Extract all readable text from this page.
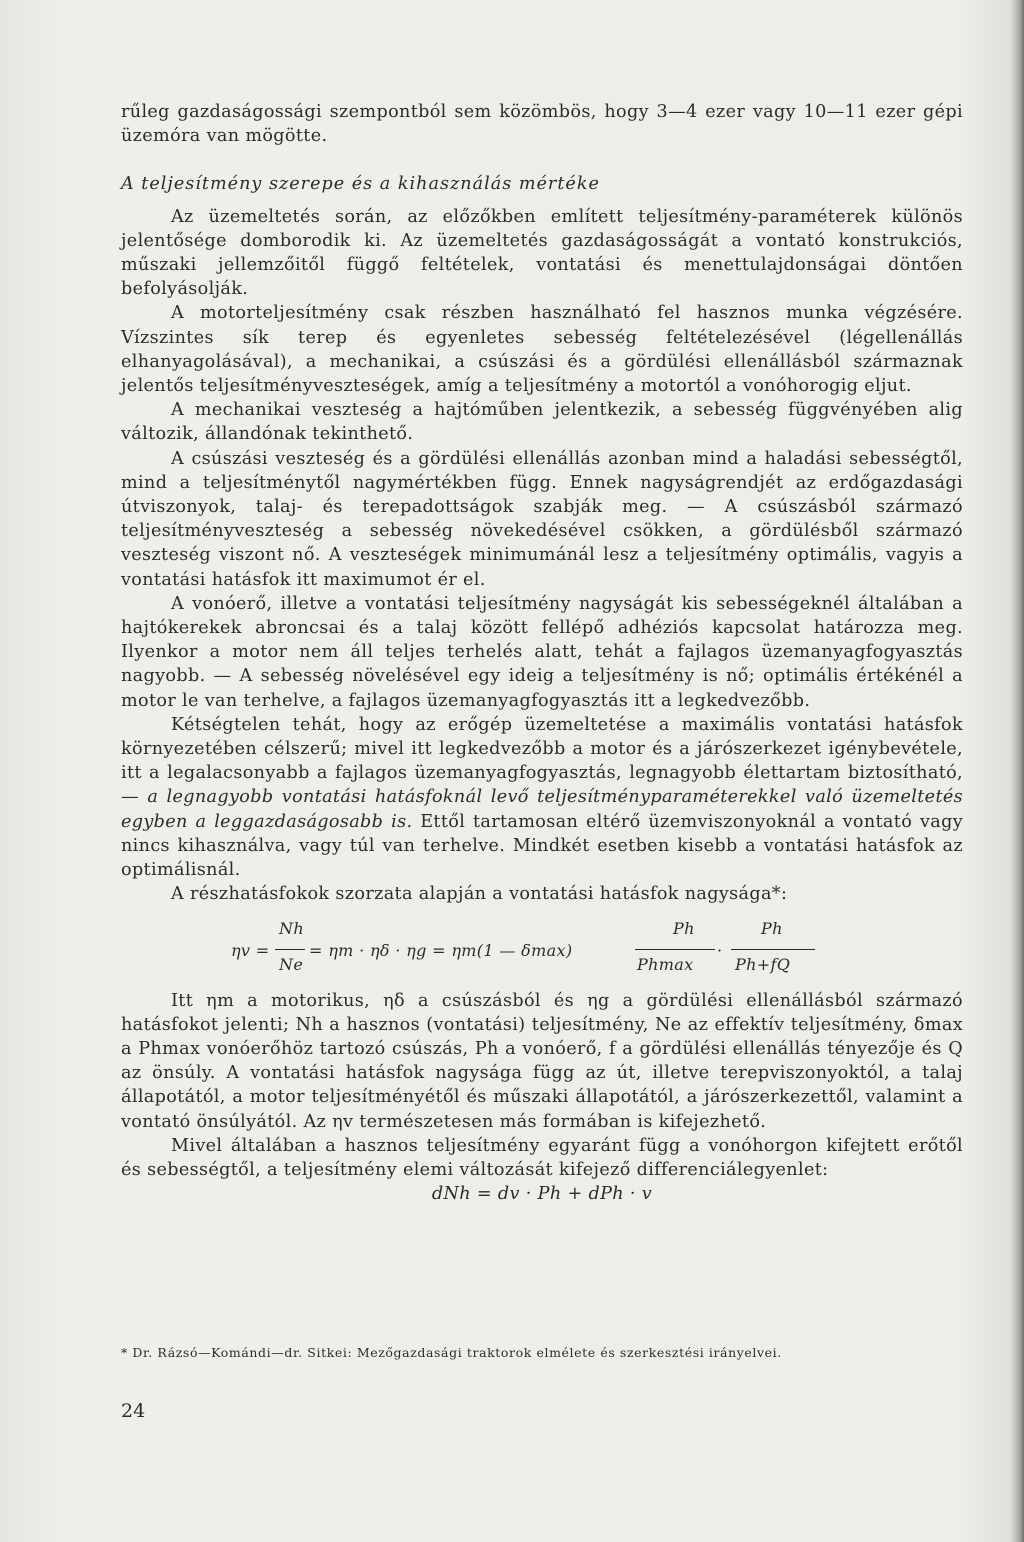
rűleg gazdaságossági szempontból sem közömbös, hogy 3—4 ezer vagy 10—11 ezer gépi üzemóra van mögötte.

A teljesítmény szerepe és a kihasználás mértéke

Az üzemeltetés során, az előzőkben említett teljesítmény-paraméterek különös jelentősége domborodik ki. Az üzemeltetés gazdaságosságát a vontató konstrukciós, műszaki jellemzőitől függő feltételek, vontatási és menettulajdonságai döntően befolyásolják.

A motorteljesítmény csak részben használható fel hasznos munka végzésére. Vízszintes sík terep és egyenletes sebesség feltételezésével (légellenállás elhanyagolásával), a mechanikai, a csúszási és a gördülési ellenállásból származnak jelentős teljesítményveszteségek, amíg a teljesítmény a motortól a vonóhorogig eljut.

A mechanikai veszteség a hajtóműben jelentkezik, a sebesség függvényében alig változik, állandónak tekinthető.

A csúszási veszteség és a gördülési ellenállás azonban mind a haladási sebességtől, mind a teljesítménytől nagymértékben függ. Ennek nagyságrendjét az erdőgazdasági útviszonyok, talaj- és terepadottságok szabják meg. — A csúszásból származó teljesítményveszteség a sebesség növekedésével csökken, a gördülésből származó veszteség viszont nő. A veszteségek minimumánál lesz a teljesítmény optimális, vagyis a vontatási hatásfok itt maximumot ér el.

A vonóerő, illetve a vontatási teljesítmény nagyságát kis sebességeknél általában a hajtókerekek abroncsai és a talaj között fellépő adhéziós kapcsolat határozza meg. Ilyenkor a motor nem áll teljes terhelés alatt, tehát a fajlagos üzemanyagfogyasztás nagyobb. — A sebesség növelésével egy ideig a teljesítmény is nő; optimális értékénél a motor le van terhelve, a fajlagos üzemanyagfogyasztás itt a legkedvezőbb.

Kétségtelen tehát, hogy az erőgép üzemeltetése a maximális vontatási hatásfok környezetében célszerű; mivel itt legkedvezőbb a motor és a járószerkezet igénybevétele, itt a legalacsonyabb a fajlagos üzemanyagfogyasztás, legnagyobb élettartam biztosítható, — a legnagyobb vontatási hatásfoknál levő teljesítményparaméterekkel való üzemeltetés egyben a leggazdaságosabb is. Ettől tartamosan eltérő üzemviszonyoknál a vontató vagy nincs kihasználva, vagy túl van terhelve. Mindkét esetben kisebb a vontatási hatásfok az optimálisnál.

A részhatásfokok szorzata alapján a vontatási hatásfok nagysága*:

ηv =
Nh
Ne
= ηm · ηδ · ηg = ηm(1 — δmax)
Ph
Phmax
·
Ph
Ph+fQ

Itt ηm a motorikus, ηδ a csúszásból és ηg a gördülési ellenállásból származó hatásfokot jelenti; Nh a hasznos (vontatási) teljesítmény, Ne az effektív teljesítmény, δmax a Phmax vonóerőhöz tartozó csúszás, Ph a vonóerő, f a gördülési ellenállás tényezője és Q az önsúly. A vontatási hatásfok nagysága függ az út, illetve terepviszonyoktól, a talaj állapotától, a motor teljesítményétől és műszaki állapotától, a járószerkezettől, valamint a vontató önsúlyától. Az ηv természetesen más formában is kifejezhető.

Mivel általában a hasznos teljesítmény egyaránt függ a vonóhorgon kifejtett erőtől és sebességtől, a teljesítmény elemi változását kifejező differenciálegyenlet:

dNh = dv · Ph + dPh · v

* Dr. Rázsó—Komándi—dr. Sitkei: Mezőgazdasági traktorok elmélete és szerkesztési irányelvei.
24
